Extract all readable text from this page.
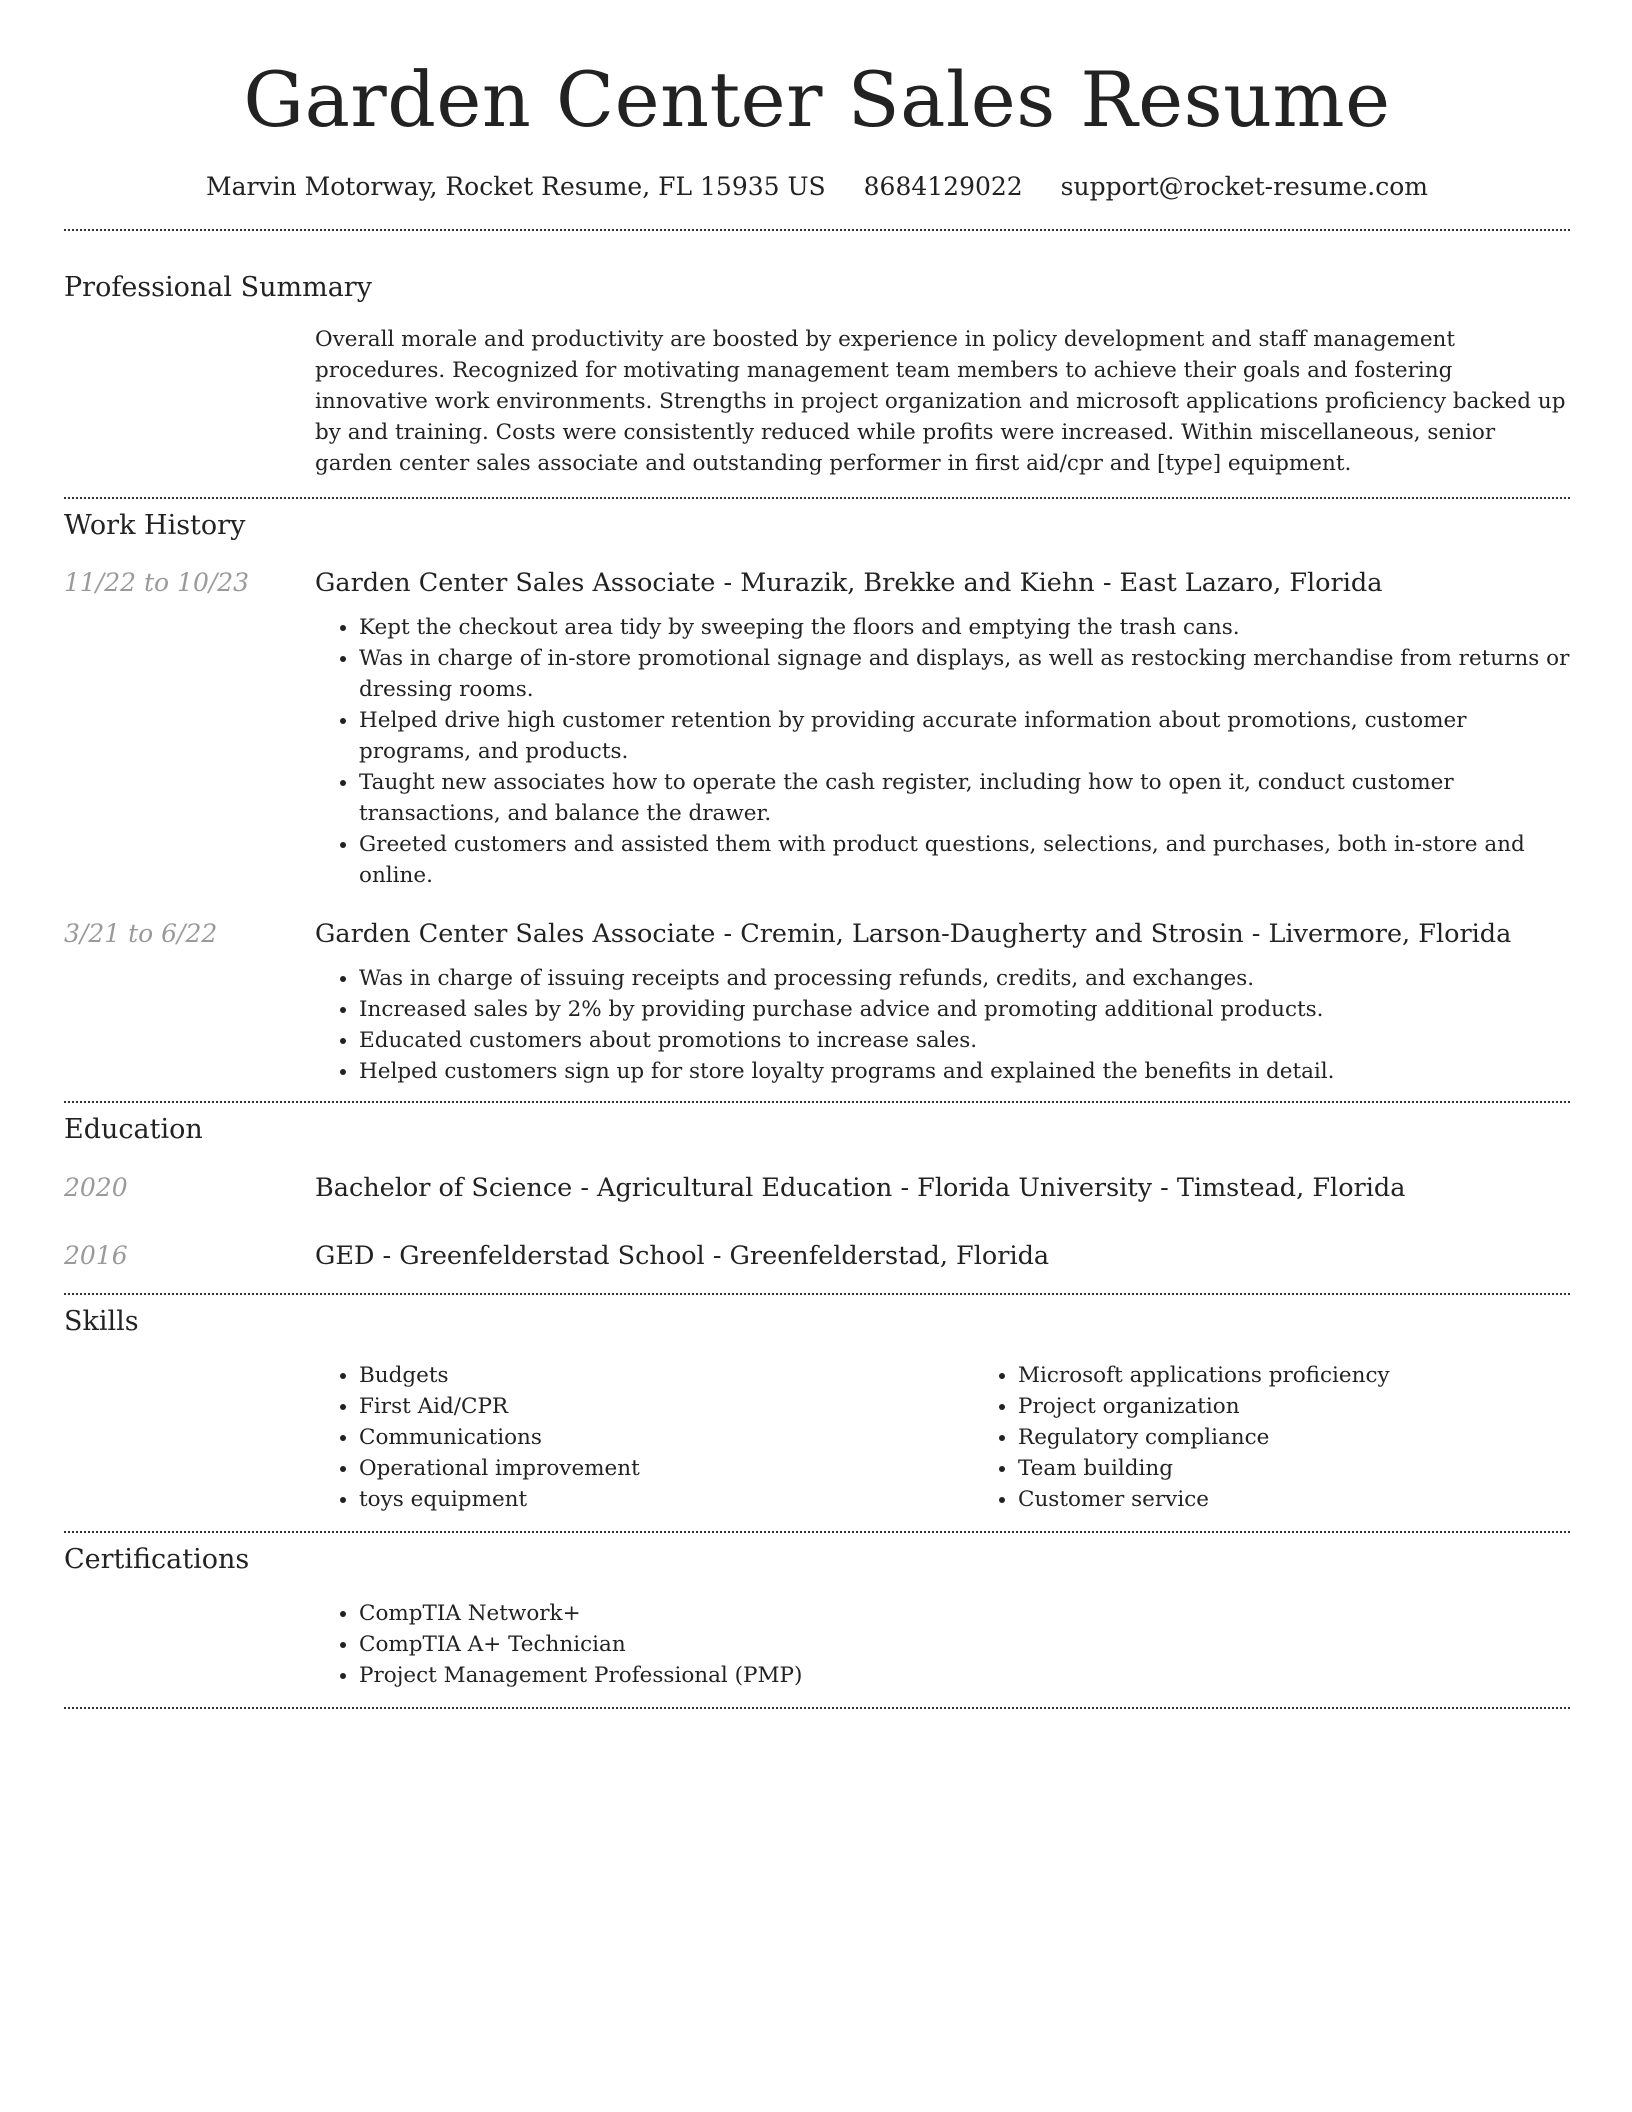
Garden Center Sales Resume
Marvin Motorway, Rocket Resume, FL 15935 US 8684129022 support@rocket-resume.com
Professional Summary

Overall morale and productivity are boosted by experience in policy development and staff management procedures. Recognized for motivating management team members to achieve their goals and fostering innovative work environments. Strengths in project organization and microsoft applications proficiency backed up by and training. Costs were consistently reduced while profits were increased. Within miscellaneous, senior garden center sales associate and outstanding performer in first aid/cpr and [type] equipment.

Work History
11/22 to 10/23	Garden Center Sales Associate - Murazik, Brekke and Kiehn - East Lazaro, Florida
• Kept the checkout area tidy by sweeping the floors and emptying the trash cans.
• Was in charge of in-store promotional signage and displays, as well as restocking merchandise from returns or dressing rooms.
• Helped drive high customer retention by providing accurate information about promotions, customer programs, and products.
• Taught new associates how to operate the cash register, including how to open it, conduct customer transactions, and balance the drawer.
• Greeted customers and assisted them with product questions, selections, and purchases, both in-store and online.
3/21 to 6/22	Garden Center Sales Associate - Cremin, Larson-Daugherty and Strosin - Livermore, Florida
• Was in charge of issuing receipts and processing refunds, credits, and exchanges.
• Increased sales by 2% by providing purchase advice and promoting additional products.
• Educated customers about promotions to increase sales.
• Helped customers sign up for store loyalty programs and explained the benefits in detail.
Education
2020	Bachelor of Science - Agricultural Education - Florida University - Timstead, Florida
2016	GED - Greenfelderstad School - Greenfelderstad, Florida
Skills
• Budgets
• First Aid/CPR
• Communications
• Operational improvement
• toys equipment
• Microsoft applications proficiency
• Project organization
• Regulatory compliance
• Team building
• Customer service
Certifications
• CompTIA Network+
• CompTIA A+ Technician
• Project Management Professional (PMP)
